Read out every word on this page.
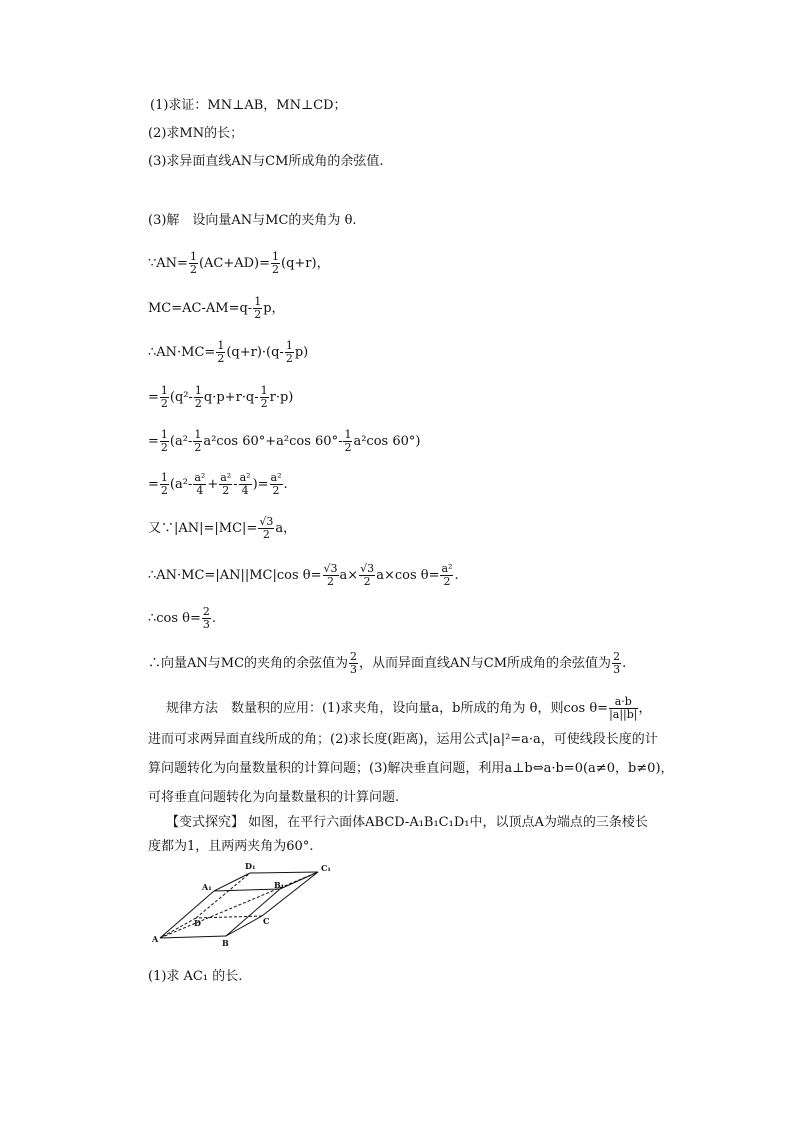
(1)求证：MN⊥AB，MN⊥CD；
(2)求MN的长；
(3)求异面直线AN与CM所成角的余弦值.
(3)解　设向量AN与MC的夹角为 θ.
∵AN= $\frac{1}{2} (AC+AD)= \frac{1}{2} (q+r)$，
$MC=AC-AM=q- \frac{1}{2}$ p，
∴AN·MC= $\frac{1}{2} (q+r)\cdot(q- \frac{1}{2} p)$
= $\frac{1}{2} (q^2- \frac{1}{2} q\cdot p+r\cdot q- \frac{1}{2} r\cdot p)$
= $\frac{1}{2} (a^2- \frac{1}{2} a^2\cos$ 60°+a²cos $60^\circ- \frac{1}{2} a^2\cos$ 60°)
= $\frac{1}{2} (a^2- \frac{\text{a²}}{4} + \frac{\text{a²}}{2} - \frac{\text{a²}}{4}$ )= $\frac{\text{a²}}{2}$ .
又∵|AN|=|MC|= $\frac{√3}{2}$ a，
∴AN·MC=|AN||MC|cos $\theta= \frac{√3}{2} a\times \frac{√3}{2} a\times\cos$ $\theta= \frac{\text{a²}}{2}$ .
∴cos $\theta= \frac{2}{3}$ .
∴向量AN与MC的夹角的余弦值为 $\frac{2}{3}$ ，从而异面直线AN与CM所成角的余弦值为 $\frac{2}{3}$ .
规律方法　数量积的应用：(1)求夹角，设向量a，b所成的角为 θ，则$\cos \theta= \frac{a\cdot b}{|a||b|}$ ，
进而可求两异面直线所成的角；(2)求长度(距离)，运用公式|a|²=a·a，可使线段长度的计
算问题转化为向量数量积的计算问题；(3)解决垂直问题，利用a⊥b⇔a·b=0(a≠0，b≠0)，
可将垂直问题转化为向量数量积的计算问题.
【变式探究】 如图，在平行六面体ABCD-A₁B₁C₁D₁中，以顶点A为端点的三条棱长
度都为1，且两两夹角为60°.
D₁	C₁
A₁	B₁
D	C
A	B
(1)求 AC₁ 的长.
